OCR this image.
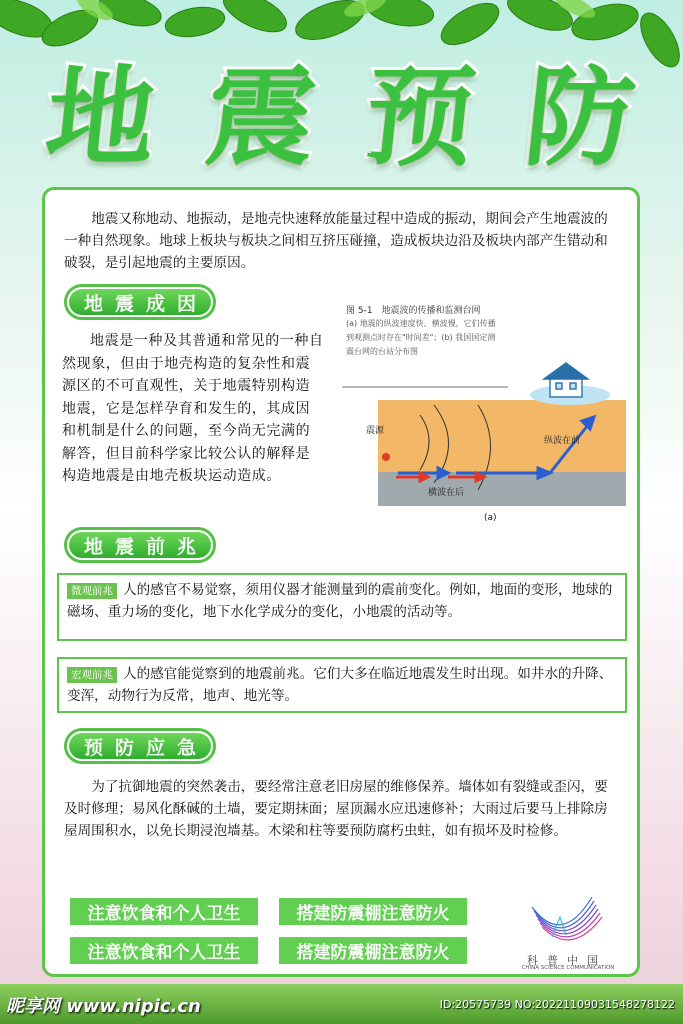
地 震 预 防

地震又称地动、地振动，是地壳快速释放能量过程中造成的振动，期间会产生地震波的一种自然现象。地球上板块与板块之间相互挤压碰撞，造成板块边沿及板块内部产生错动和破裂，是引起地震的主要原因。

地震成因

地震是一种及其普通和常见的一种自然现象，但由于地壳构造的复杂性和震源区的不可直观性，关于地震特别构造地震，它是怎样孕育和发生的，其成因和机制是什么的问题，至今尚无完满的解答，但目前科学家比较公认的解释是构造地震是由地壳板块运动造成。

图 5-1　地震波的传播和监测台网
(a) 地震的纵波速度快、横波慢，它们传播到观测点时存在"时间差"；(b) 我国国定测震台网的台站分布图
震源
纵波在前
横波在后
(a)
地震前兆

微观前兆 人的感官不易觉察，须用仪器才能测量到的震前变化。例如，地面的变形，地球的磁场、重力场的变化，地下水化学成分的变化，小地震的活动等。

宏观前兆 人的感官能觉察到的地震前兆。它们大多在临近地震发生时出现。如井水的升降、变浑，动物行为反常，地声、地光等。

预防应急

为了抗御地震的突然袭击，要经常注意老旧房屋的维修保养。墙体如有裂缝或歪闪，要及时修理；易风化酥碱的土墙，要定期抹面；屋顶漏水应迅速修补；大雨过后要马上排除房屋周围积水，以免长期浸泡墙基。木梁和柱等要预防腐朽虫蛀，如有损坏及时检修。

注意饮食和个人卫生	搭建防震棚注意防火
注意饮食和个人卫生	搭建防震棚注意防火	科普中国
CHINA SCIENCE COMMUNICATION
昵享网 www.nipic.cn	ID:20575739 NO:20221109031548278122
